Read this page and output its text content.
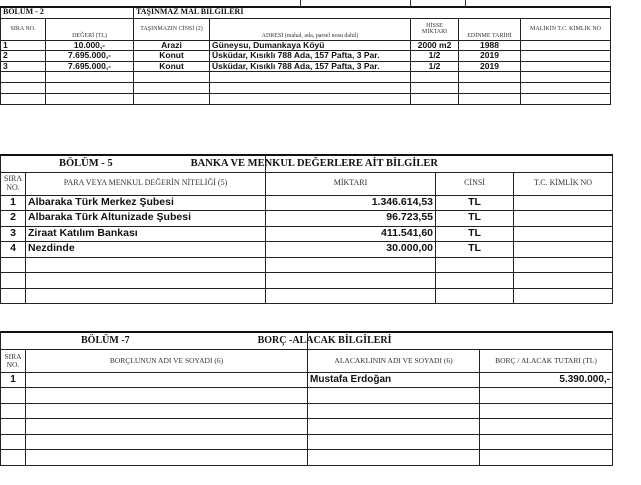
BÖLÜM - 2		TAŞINMAZ MAL BİLGİLERİ				
SIRA NO.	DEĞERİ (TL)	TAŞINMAZIN CİNSİ (2)	ADRESİ (mahal, ada, parsel nosu dahil)	HİSSE MİKTARI	EDİNME TARİHİ	MALİKİN T.C. KİMLİK NO
1	10.000,-	Arazi	Güneysu, Dumankaya Köyü	2000 m2	1988	
2	7.695.000,-	Konut	Üsküdar, Kısıklı 788 Ada, 157 Pafta, 3 Par.	1/2	2019	
3	7.695.000,-	Konut	Üsküdar, Kısıklı 788 Ada, 157 Pafta, 3 Par.	1/2	2019	

BÖLÜM - 5 BANKA VE MENKUL DEĞERLERE AİT BİLGİLER				
SIRA NO.	PARA VEYA MENKUL DEĞERİN NİTELİĞİ (5)	MİKTARI	CİNSİ	T.C. KİMLİK NO
1	Albaraka Türk Merkez Şubesi	1.346.614,53	TL	
2	Albaraka Türk Altunizade Şubesi	96.723,55	TL	
3	Ziraat Katılım Bankası	411.541,60	TL	
4	Nezdinde	30.000,00	TL	

BÖLÜM -7 BORÇ -ALACAK BİLGİLERİ			
SIRA NO.	BORÇLUNUN ADI VE SOYADI (6)	ALACAKLININ ADI VE SOYADI (6)	BORÇ / ALACAK TUTARI (TL)
1		Mustafa Erdoğan	5.390.000,-
